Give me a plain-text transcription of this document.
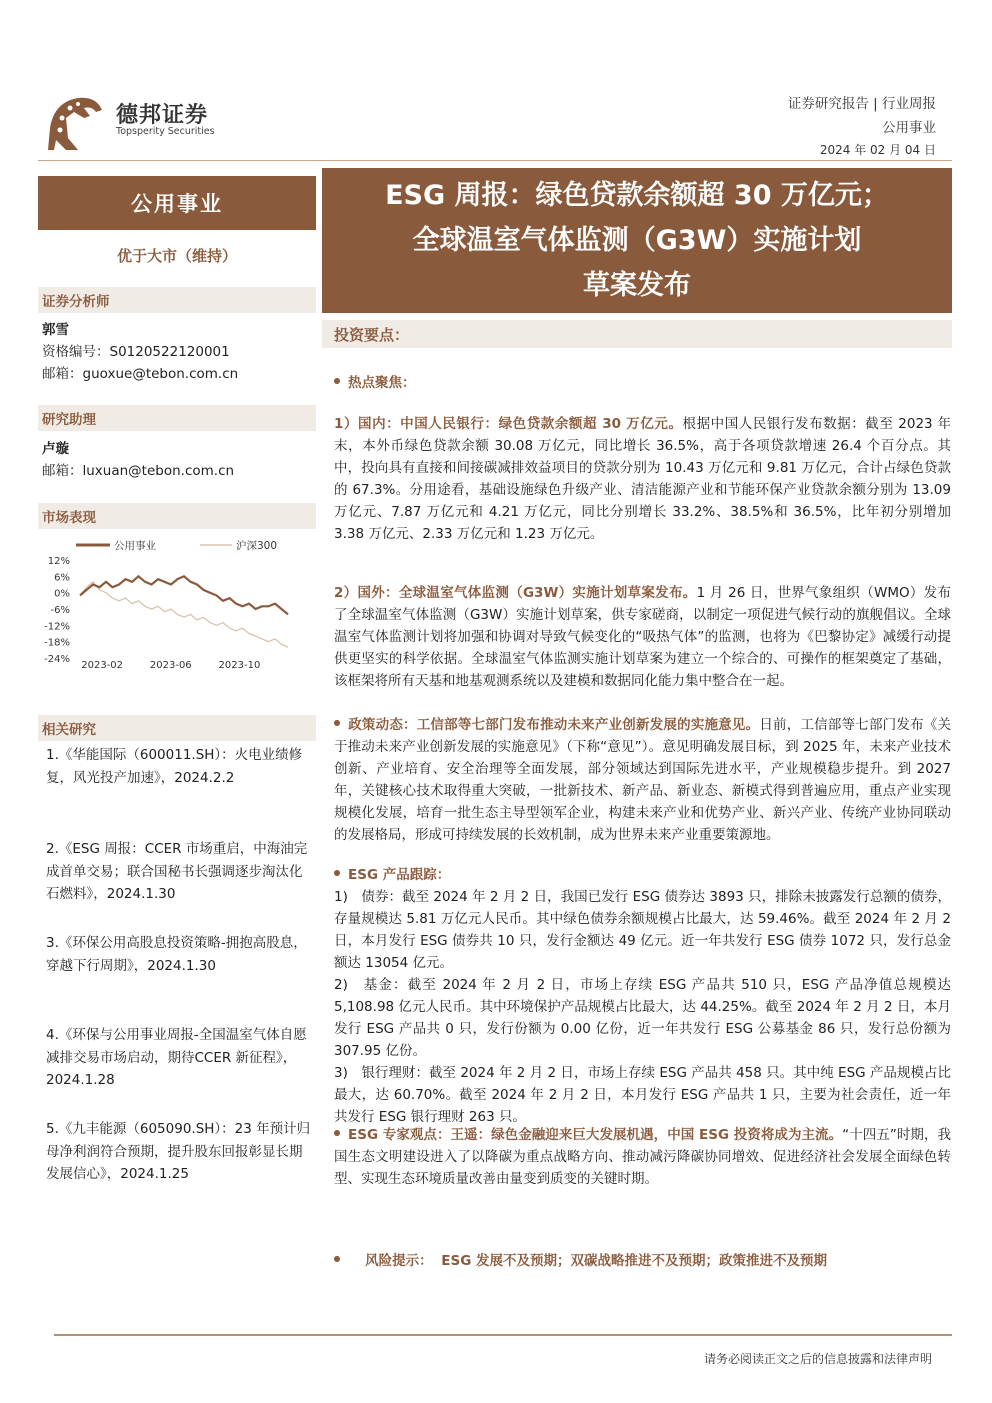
德邦证券
Topsperity Securities
证券研究报告 | 行业周报
公用事业
2024 年 02 月 04 日
公用事业
优于大市（维持）
证券分析师
郭雪
资格编号：S0120522120001
邮箱：guoxue@tebon.com.cn
研究助理
卢璇
邮箱：luxuan@tebon.com.cn
市场表现
公用事业	沪深300
12%
6%
0%
-6%
-12%
-18%
-24%
2023-02	2023-06	2023-10
相关研究
1.《华能国际（600011.SH）：火电业绩修复，风光投产加速》，2024.2.2
2.《ESG 周报：CCER 市场重启，中海油完成首单交易；联合国秘书长强调逐步淘汰化石燃料》，2024.1.30
3.《环保公用高股息投资策略-拥抱高股息，穿越下行周期》，2024.1.30
4.《环保与公用事业周报-全国温室气体自愿减排交易市场启动，期待CCER 新征程》，2024.1.28
5.《九丰能源（605090.SH）：23 年预计归母净利润符合预期，提升股东回报彰显长期发展信心》，2024.1.25
ESG 周报：绿色贷款余额超 30 万亿元；
全球温室气体监测（G3W）实施计划
草案发布
投资要点：
热点聚焦：
1）国内：中国人民银行：绿色贷款余额超 30 万亿元。根据中国人民银行发布数据：截至 2023 年末，本外币绿色贷款余额 30.08 万亿元，同比增长 36.5%，高于各项贷款增速 26.4 个百分点。其中，投向具有直接和间接碳减排效益项目的贷款分别为 10.43 万亿元和 9.81 万亿元，合计占绿色贷款的 67.3%。分用途看，基础设施绿色升级产业、清洁能源产业和节能环保产业贷款余额分别为 13.09 万亿元、7.87 万亿元和 4.21 万亿元，同比分别增长 33.2%、38.5%和 36.5%，比年初分别增加 3.38 万亿元、2.33 万亿元和 1.23 万亿元。
2）国外：全球温室气体监测（G3W）实施计划草案发布。1 月 26 日，世界气象组织（WMO）发布了全球温室气体监测（G3W）实施计划草案，供专家磋商，以制定一项促进气候行动的旗舰倡议。全球温室气体监测计划将加强和协调对导致气候变化的“吸热气体”的监测，也将为《巴黎协定》减缓行动提供更坚实的科学依据。全球温室气体监测实施计划草案为建立一个综合的、可操作的框架奠定了基础，该框架将所有天基和地基观测系统以及建模和数据同化能力集中整合在一起。
政策动态：工信部等七部门发布推动未来产业创新发展的实施意见。日前，工信部等七部门发布《关于推动未来产业创新发展的实施意见》（下称“意见”）。意见明确发展目标，到 2025 年，未来产业技术创新、产业培育、安全治理等全面发展，部分领域达到国际先进水平，产业规模稳步提升。到 2027 年，关键核心技术取得重大突破，一批新技术、新产品、新业态、新模式得到普遍应用，重点产业实现规模化发展，培育一批生态主导型领军企业，构建未来产业和优势产业、新兴产业、传统产业协同联动的发展格局，形成可持续发展的长效机制，成为世界未来产业重要策源地。
ESG 产品跟踪：
1)　债券：截至 2024 年 2 月 2 日，我国已发行 ESG 债券达 3893 只，排除未披露发行总额的债券，存量规模达 5.81 万亿元人民币。其中绿色债券余额规模占比最大，达 59.46%。截至 2024 年 2 月 2 日，本月发行 ESG 债券共 10 只，发行金额达 49 亿元。近一年共发行 ESG 债券 1072 只，发行总金额达 13054 亿元。
2)　基金：截至 2024 年 2 月 2 日，市场上存续 ESG 产品共 510 只，ESG 产品净值总规模达 5,108.98 亿元人民币。其中环境保护产品规模占比最大，达 44.25%。截至 2024 年 2 月 2 日，本月发行 ESG 产品共 0 只，发行份额为 0.00 亿份，近一年共发行 ESG 公募基金 86 只，发行总份额为 307.95 亿份。
3)　银行理财：截至 2024 年 2 月 2 日，市场上存续 ESG 产品共 458 只。其中纯 ESG 产品规模占比最大，达 60.70%。截至 2024 年 2 月 2 日，本月发行 ESG 产品共 1 只，主要为社会责任，近一年共发行 ESG 银行理财 263 只。
ESG 专家观点：王遥：绿色金融迎来巨大发展机遇，中国 ESG 投资将成为主流。“十四五”时期，我国生态文明建设进入了以降碳为重点战略方向、推动减污降碳协同增效、促进经济社会发展全面绿色转型、实现生态环境质量改善由量变到质变的关键时期。
风险提示： ESG 发展不及预期；双碳战略推进不及预期；政策推进不及预期
请务必阅读正文之后的信息披露和法律声明
